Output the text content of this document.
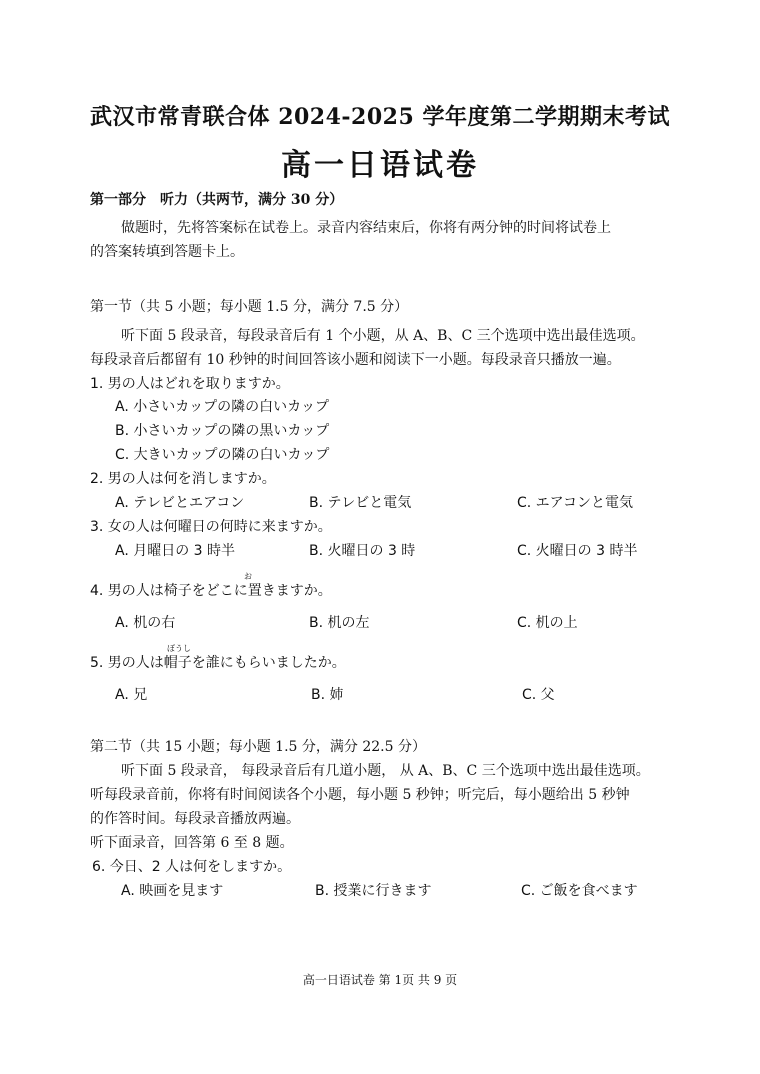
武汉市常青联合体 2024-2025 学年度第二学期期末考试
高一日语试卷
第一部分　听力（共两节，满分 30 分）
做题时，先将答案标在试卷上。录音内容结束后，你将有两分钟的时间将试卷上
的答案转填到答题卡上。
第一节（共 5 小题；每小题 1.5 分，满分 7.5 分）
听下面 5 段录音，每段录音后有 1 个小题，从 A、B、C 三个选项中选出最佳选项。
每段录音后都留有 10 秒钟的时间回答该小题和阅读下一小题。每段录音只播放一遍。
1. 男の人はどれを取りますか。
A. 小さいカップの隣の白いカップ
B. 小さいカップの隣の黒いカップ
C. 大きいカップの隣の白いカップ
2. 男の人は何を消しますか。
A. テレビとエアコン	B. テレビと電気	C. エアコンと電気
3. 女の人は何曜日の何時に来ますか。
A. 月曜日の 3 時半	B. 火曜日の 3 時	C. 火曜日の 3 時半
お
4. 男の人は椅子をどこに置きますか。
A. 机の右	B. 机の左	C. 机の上
ぼうし
5. 男の人は帽子を誰にもらいましたか。
A. 兄	B. 姉	C. 父
第二节（共 15 小题；每小题 1.5 分，满分 22.5 分）
听下面 5 段录音， 每段录音后有几道小题， 从 A、B、C 三个选项中选出最佳选项。
听每段录音前，你将有时间阅读各个小题，每小题 5 秒钟；听完后，每小题给出 5 秒钟
的作答时间。每段录音播放两遍。
听下面录音，回答第 6 至 8 题。
6. 今日、2 人は何をしますか。
A. 映画を見ます	B. 授業に行きます	C. ご飯を食べます
高一日语试卷 第 1页 共 9 页
